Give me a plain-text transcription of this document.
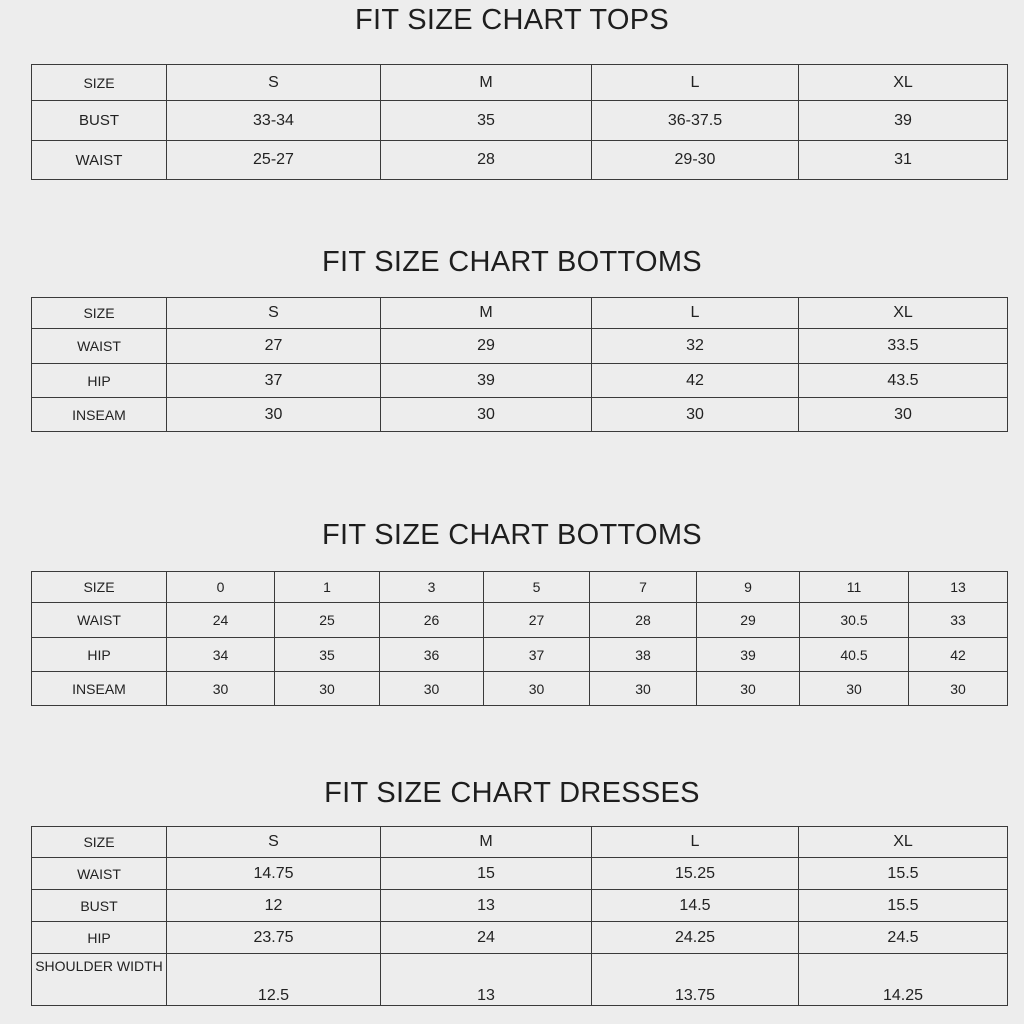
FIT SIZE CHART TOPS
SIZE	S	M	L	XL
BUST	33-34	35	36-37.5	39
WAIST	25-27	28	29-30	31
FIT SIZE CHART BOTTOMS
SIZE	S	M	L	XL
WAIST	27	29	32	33.5
HIP	37	39	42	43.5
INSEAM	30	30	30	30
FIT SIZE CHART BOTTOMS
SIZE	0	1	3	5	7	9	11	13
WAIST	24	25	26	27	28	29	30.5	33
HIP	34	35	36	37	38	39	40.5	42
INSEAM	30	30	30	30	30	30	30	30
FIT SIZE CHART DRESSES
SIZE	S	M	L	XL
WAIST	14.75	15	15.25	15.5
BUST	12	13	14.5	15.5
HIP	23.75	24	24.25	24.5
SHOULDER WIDTH	12.5	13	13.75	14.25
